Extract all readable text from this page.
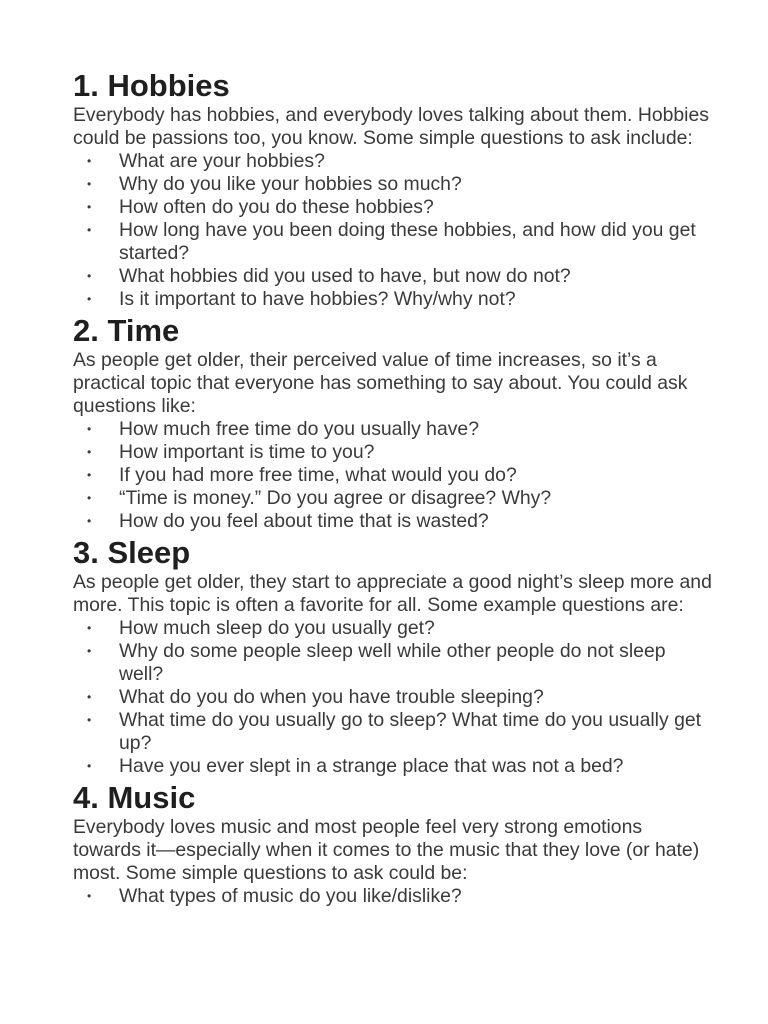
1. Hobbies

Everybody has hobbies, and everybody loves talking about them. Hobbies could be passions too, you know. Some simple questions to ask include:

• What are your hobbies?
• Why do you like your hobbies so much?
• How often do you do these hobbies?
• How long have you been doing these hobbies, and how did you get started?
• What hobbies did you used to have, but now do not?
• Is it important to have hobbies? Why/why not?
2. Time

As people get older, their perceived value of time increases, so it’s a practical topic that everyone has something to say about. You could ask questions like:

• How much free time do you usually have?
• How important is time to you?
• If you had more free time, what would you do?
• “Time is money.” Do you agree or disagree? Why?
• How do you feel about time that is wasted?
3. Sleep

As people get older, they start to appreciate a good night’s sleep more and more. This topic is often a favorite for all. Some example questions are:

• How much sleep do you usually get?
• Why do some people sleep well while other people do not sleep well?
• What do you do when you have trouble sleeping?
• What time do you usually go to sleep? What time do you usually get up?
• Have you ever slept in a strange place that was not a bed?
4. Music

Everybody loves music and most people feel very strong emotions towards it—especially when it comes to the music that they love (or hate) most. Some simple questions to ask could be:

• What types of music do you like/dislike?
